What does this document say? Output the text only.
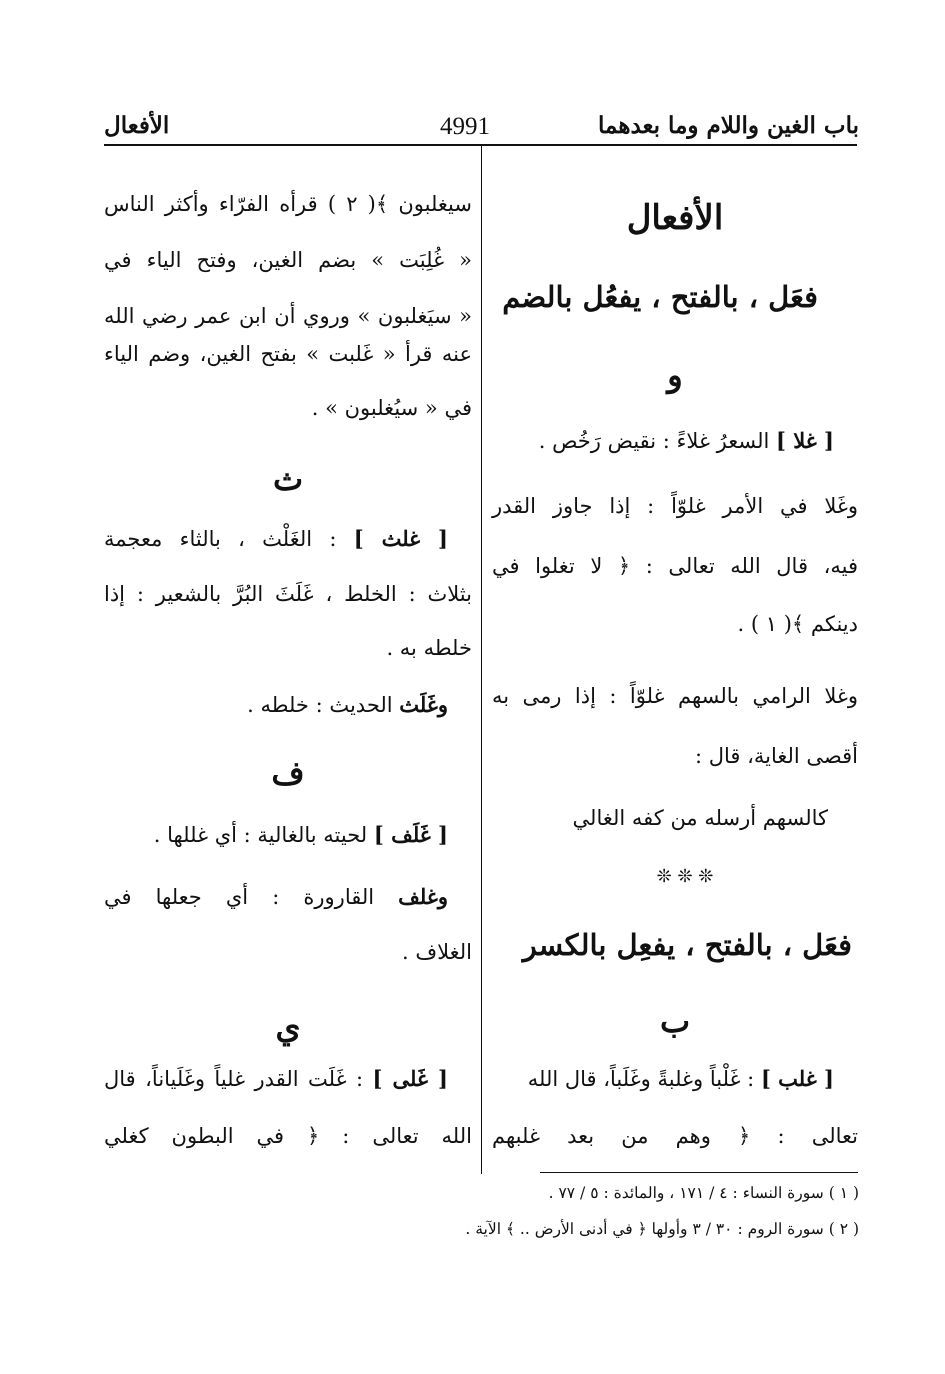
باب الغين واللام وما بعدهما
4991
الأفعال
الأفعال
فعَل ، بالفتح ، يفعُل بالضم
و
[ غلا ] السعرُ غلاءً : نقيض رَخُص .
وغَلا في الأمر غلوّاً : إذا جاوز القدر
فيه، قال الله تعالى : ﴿ لا تغلوا في
دينكم ﴾( ١ ) .
وغلا الرامي بالسهم غلوّاً : إذا رمى به
أقصى الغاية، قال :
كالسهم أرسله من كفه الغالي
❊ ❊ ❊
فعَل ، بالفتح ، يفعِل بالكسر
ب
[ غلب ] : غَلْباً وغلبةً وغَلَباً، قال الله
تعالى : ﴿ وهم من بعد غلبهم
سيغلبون ﴾( ٢ ) قرأه الفرّاء وأكثر الناس
« غُلِبَت » بضم الغين، وفتح الياء في
« سيَغلبون » وروي أن ابن عمر رضي الله
عنه قرأ « غَلبت » بفتح الغين، وضم الياء
في « سيُغلبون » .
ث
[ غلث ] : الغَلْث ، بالثاء معجمة
بثلاث : الخلط ، غَلَثَ البُرَّ بالشعير : إذا
خلطه به .
وغَلَث الحديث : خلطه .
ف
[ غَلَف ] لحيته بالغالية : أي غللها .
وغلف القارورة : أي جعلها في
الغلاف .
ي
[ غَلى ] : غَلَت القدر غلياً وغَلَياناً، قال
الله تعالى : ﴿ في البطون كغلي
( ١ ) سورة النساء : ٤ / ١٧١ ، والمائدة : ٥ / ٧٧ .
( ٢ ) سورة الروم : ٣٠ / ٣ وأولها ﴿ في أدنى الأرض .. ﴾ الآية .
